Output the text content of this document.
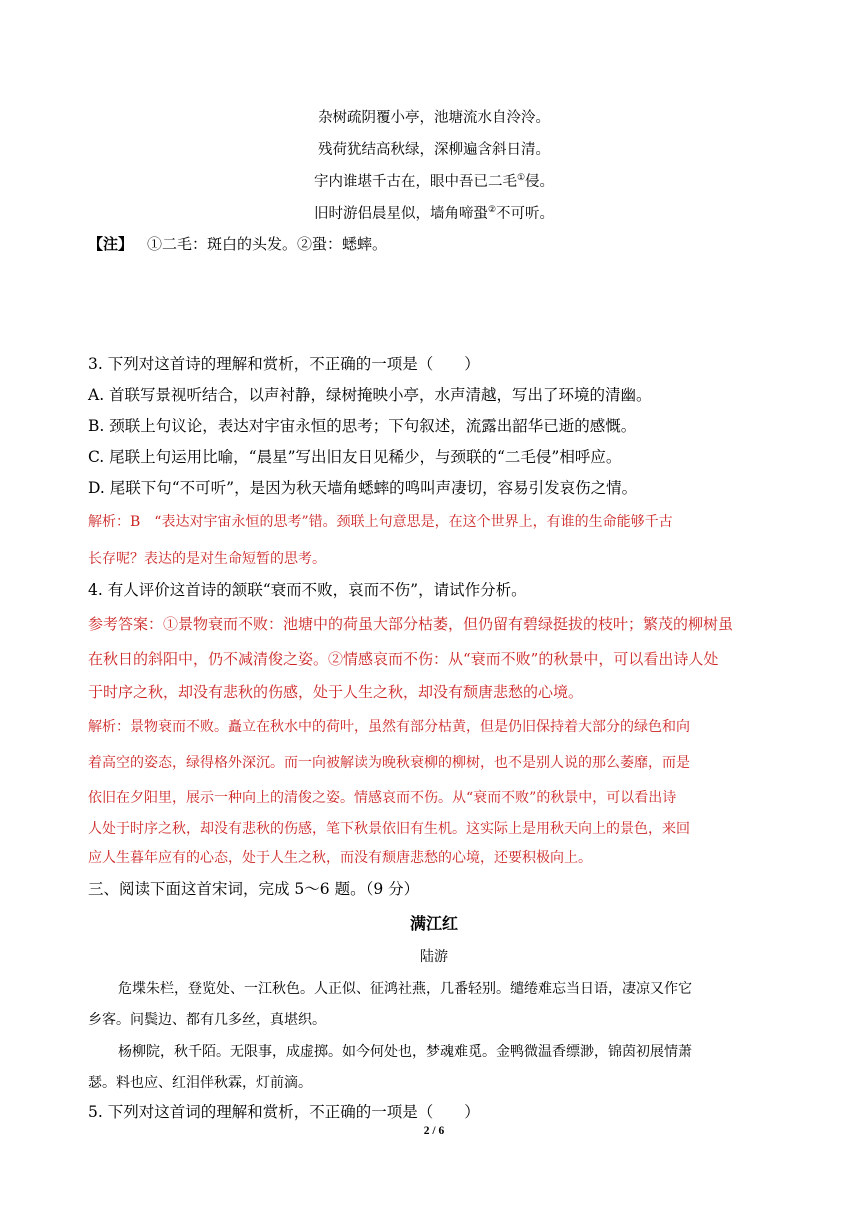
杂树疏阴覆小亭，池塘流水自泠泠。
残荷犹结高秋绿，深柳遍含斜日清。
宇内谁堪千古在，眼中吾已二毛①侵。
旧时游侣晨星似，墙角啼蛩②不可听。
【注】 ①二毛：斑白的头发。②蛩：蟋蟀。
3. 下列对这首诗的理解和赏析，不正确的一项是（　　）
A. 首联写景视听结合，以声衬静，绿树掩映小亭，水声清越，写出了环境的清幽。
B. 颈联上句议论，表达对宇宙永恒的思考；下句叙述，流露出韶华已逝的感慨。
C. 尾联上句运用比喻，“晨星”写出旧友日见稀少，与颈联的“二毛侵”相呼应。
D. 尾联下句“不可听”，是因为秋天墙角蟋蟀的鸣叫声凄切，容易引发哀伤之情。
解析：B　“表达对宇宙永恒的思考”错。颈联上句意思是，在这个世界上，有谁的生命能够千古
长存呢？表达的是对生命短暂的思考。
4. 有人评价这首诗的颔联“衰而不败，哀而不伤”，请试作分析。
参考答案：①景物衰而不败：池塘中的荷虽大部分枯萎，但仍留有碧绿挺拔的枝叶；繁茂的柳树虽
在秋日的斜阳中，仍不减清俊之姿。②情感哀而不伤：从“衰而不败”的秋景中，可以看出诗人处
于时序之秋，却没有悲秋的伤感，处于人生之秋，却没有颓唐悲愁的心境。
解析：景物衰而不败。矗立在秋水中的荷叶，虽然有部分枯黄，但是仍旧保持着大部分的绿色和向
着高空的姿态，绿得格外深沉。而一向被解读为晚秋衰柳的柳树，也不是别人说的那么萎靡，而是
依旧在夕阳里，展示一种向上的清俊之姿。情感哀而不伤。从“衰而不败”的秋景中，可以看出诗
人处于时序之秋，却没有悲秋的伤感，笔下秋景依旧有生机。这实际上是用秋天向上的景色，来回
应人生暮年应有的心态，处于人生之秋，而没有颓唐悲愁的心境，还要积极向上。
三、阅读下面这首宋词，完成 5～6 题。（9 分）
满江红
陆游
危堞朱栏，登览处、一江秋色。人正似、征鸿社燕，几番轻别。缱绻难忘当日语，凄凉又作它
乡客。问鬓边、都有几多丝，真堪织。
杨柳院，秋千陌。无限事，成虚掷。如今何处也，梦魂难觅。金鸭微温香缥渺，锦茵初展情萧
瑟。料也应、红泪伴秋霖，灯前滴。
5. 下列对这首词的理解和赏析，不正确的一项是（　　）
2 / 6
